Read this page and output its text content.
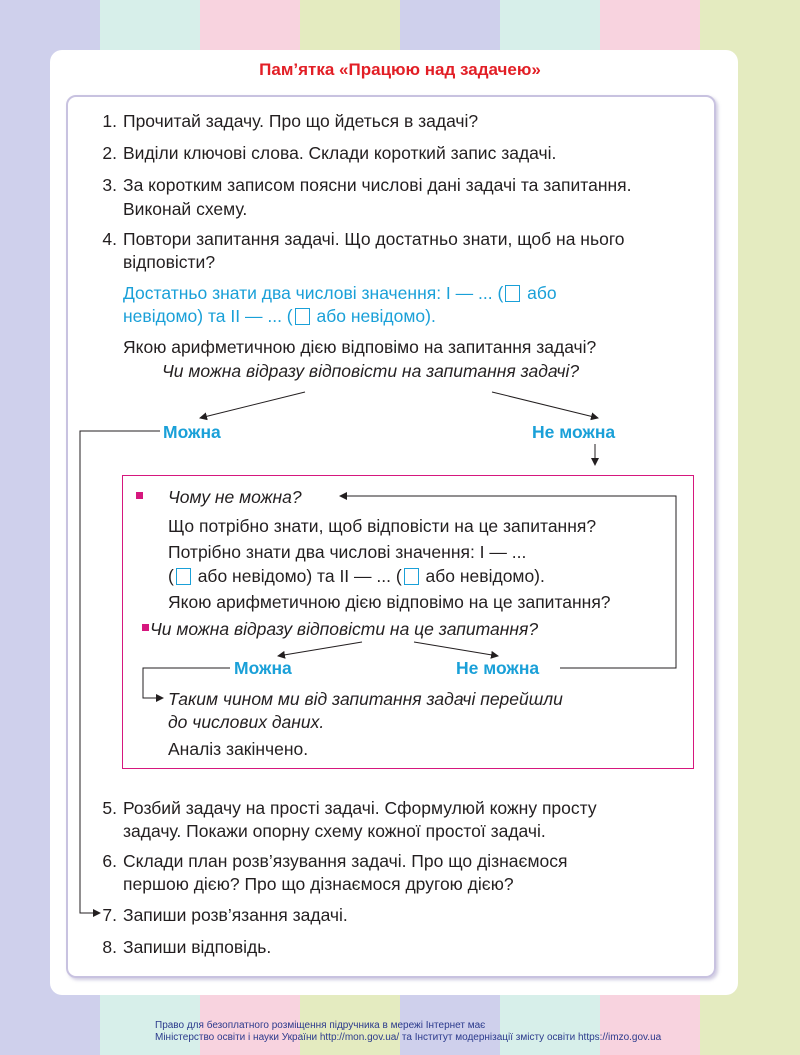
Пам’ятка «Працюю над задачею»
1. Прочитай задачу. Про що йдеться в задачі?
2. Виділи ключові слова. Склади короткий запис задачі.
3. За коротким записом поясни числові дані задачі та запитання.
Виконай схему.
4. Повтори запитання задачі. Що достатньо знати, щоб на нього
відповісти?
Достатньо знати два числові значення: І — ... ( або
невідомо) та ІІ — ... ( або невідомо).
Якою арифметичною дією відповімо на запитання задачі?
Чи можна відразу відповісти на запитання задачі?
Можна	Не можна
Чому не можна?
Що потрібно знати, щоб відповісти на це запитання?
Потрібно знати два числові значення: І — ...
( або невідомо) та ІІ — ... ( або невідомо).
Якою арифметичною дією відповімо на це запитання?
Чи можна відразу відповісти на це запитання?
Можна	Не можна
Таким чином ми від запитання задачі перейшли
до числових даних.
Аналіз закінчено.
5. Розбий задачу на прості задачі. Сформулюй кожну просту
задачу. Покажи опорну схему кожної простої задачі.
6. Склади план розв’язування задачі. Про що дізнаємося
першою дією? Про що дізнаємося другою дією?
7. Запиши розв’язання задачі.
8. Запиши відповідь.
Право для безоплатного розміщення підручника в мережі Інтернет має
Міністерство освіти і науки України http://mon.gov.ua/ та Інститут модернізації змісту освіти https://imzo.gov.ua
